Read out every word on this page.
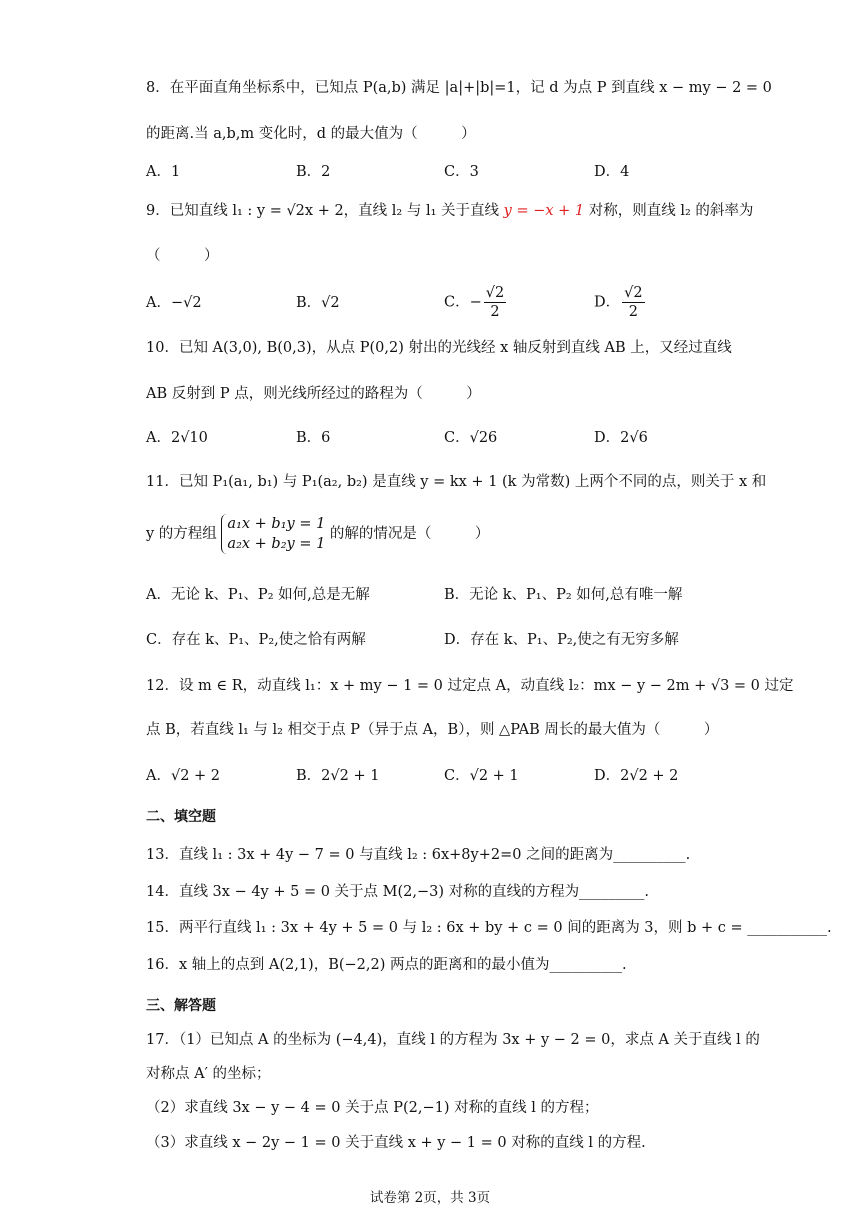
8．在平面直角坐标系中，已知点 P(a,b) 满足 |a|+|b|=1，记 d 为点 P 到直线 x − my − 2 = 0
的距离.当 a,b,m 变化时，d 的最大值为（　　　）
A．1	B．2	C．3	D．4
9．已知直线 l₁ : y = √2x + 2，直线 l₂ 与 l₁ 关于直线 y = −x + 1 对称，则直线 l₂ 的斜率为
（　　　）
A．−√2	B．√2	C．− $\frac{√2}{2}$	D． $\frac{√2}{2}$
10．已知 A(3,0), B(0,3)，从点 P(0,2) 射出的光线经 x 轴反射到直线 AB 上，又经过直线
AB 反射到 P 点，则光线所经过的路程为（　　　）
A．2√10	B．6	C．√26	D．2√6
11．已知 P₁(a₁, b₁) 与 P₁(a₂, b₂) 是直线 y = kx + 1 (k 为常数) 上两个不同的点，则关于 x 和
y 的方程组
a₁x + b₁y = 1
a₂x + b₂y = 1
的解的情况是（　　　）
A．无论 k、P₁、P₂ 如何,总是无解	B．无论 k、P₁、P₂ 如何,总有唯一解
C．存在 k、P₁、P₂,使之恰有两解	D．存在 k、P₁、P₂,使之有无穷多解
12．设 m ∈ R，动直线 l₁：x + my − 1 = 0 过定点 A，动直线 l₂：mx − y − 2m + √3 = 0 过定
点 B，若直线 l₁ 与 l₂ 相交于点 P（异于点 A，B），则 △PAB 周长的最大值为（　　　）
A．√2 + 2	B．2√2 + 1	C．√2 + 1	D．2√2 + 2
二、填空题
13．直线 l₁ : 3x + 4y − 7 = 0 与直线 l₂ : 6x+8y+2=0 之间的距离为__________.
14．直线 3x − 4y + 5 = 0 关于点 M(2,−3) 对称的直线的方程为_________.
15．两平行直线 l₁ : 3x + 4y + 5 = 0 与 l₂ : 6x + by + c = 0 间的距离为 3，则 b + c = ___________.
16．x 轴上的点到 A(2,1)，B(−2,2) 两点的距离和的最小值为__________.
三、解答题
17．（1）已知点 A 的坐标为 (−4,4)，直线 l 的方程为 3x + y − 2 = 0，求点 A 关于直线 l 的
对称点 A′ 的坐标；
（2）求直线 3x − y − 4 = 0 关于点 P(2,−1) 对称的直线 l 的方程；
（3）求直线 x − 2y − 1 = 0 关于直线 x + y − 1 = 0 对称的直线 l 的方程.
试卷第 2页，共 3页
